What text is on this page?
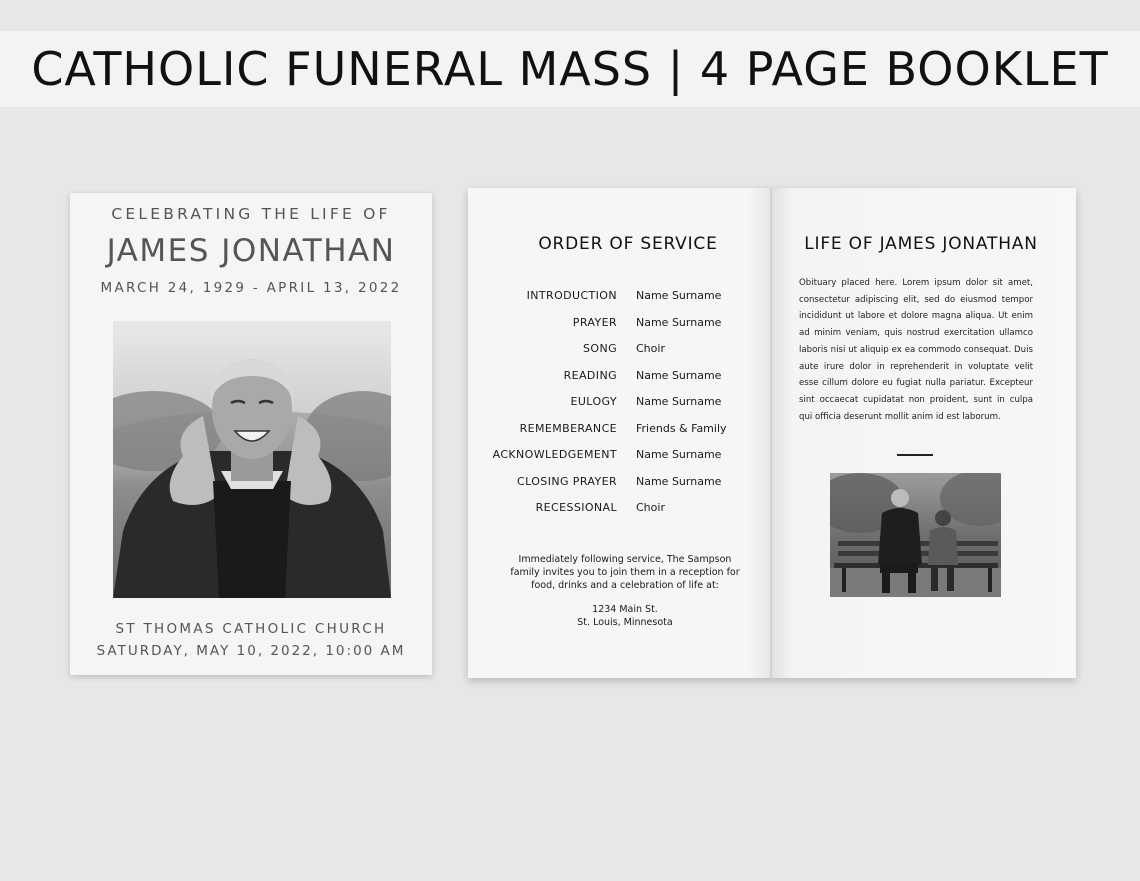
CATHOLIC FUNERAL MASS | 4 PAGE BOOKLET
CELEBRATING THE LIFE OF
JAMES JONATHAN
MARCH 24, 1929 - APRIL 13, 2022
ST THOMAS CATHOLIC CHURCH
SATURDAY, MAY 10, 2022, 10:00 AM
ORDER OF SERVICE
INTRODUCTION Name Surname
PRAYER Name Surname
SONG Choir
READING Name Surname
EULOGY Name Surname
REMEMBERANCE Friends & Family
ACKNOWLEDGEMENT Name Surname
CLOSING PRAYER Name Surname
RECESSIONAL Choir
Immediately following service, The Sampson
family invites you to join them in a reception for
food, drinks and a celebration of life at:
1234 Main St.
St. Louis, Minnesota
LIFE OF JAMES JONATHAN
Obituary placed here. Lorem ipsum dolor sit amet, consectetur adipiscing elit, sed do eiusmod tempor incididunt ut labore et dolore magna aliqua. Ut enim ad minim veniam, quis nostrud exercitation ullamco laboris nisi ut aliquip ex ea commodo consequat. Duis aute irure dolor in reprehenderit in voluptate velit esse cillum dolore eu fugiat nulla pariatur. Excepteur sint occaecat cupidatat non proident, sunt in culpa qui officia deserunt mollit anim id est laborum.
